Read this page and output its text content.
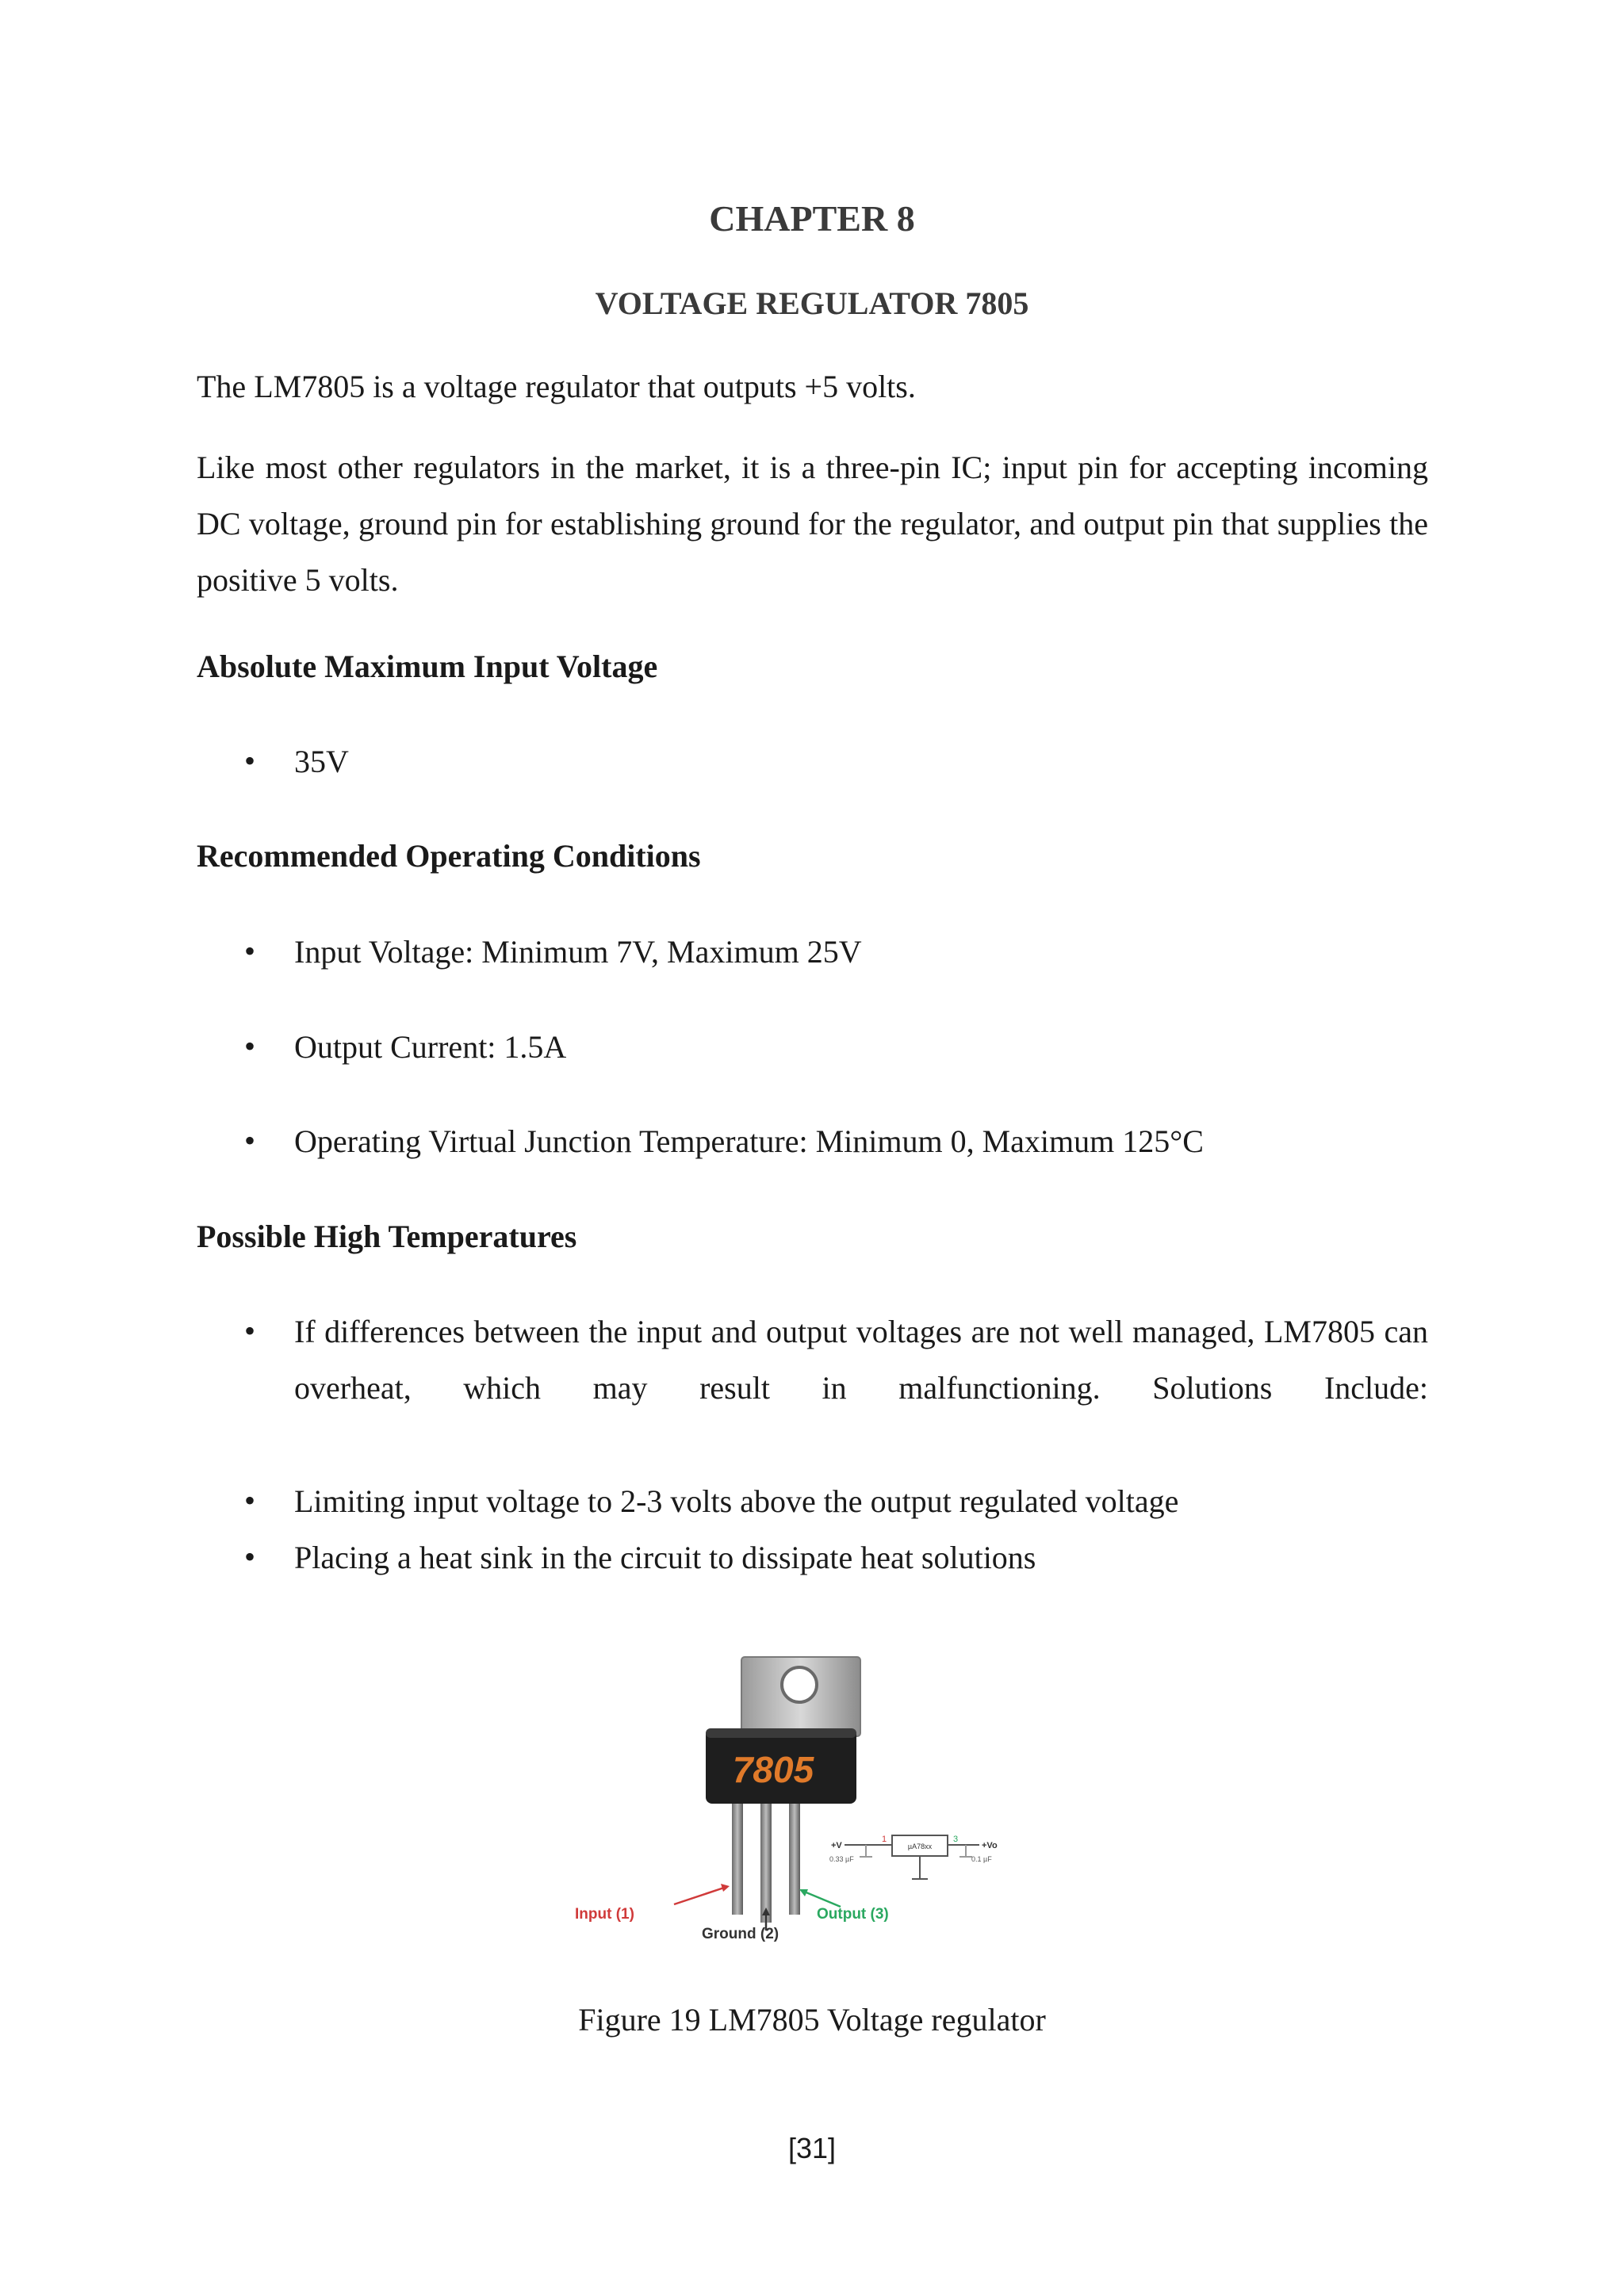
CHAPTER 8
VOLTAGE REGULATOR 7805

The LM7805 is a voltage regulator that outputs +5 volts.

Like most other regulators in the market, it is a three-pin IC; input pin for accepting incoming DC voltage, ground pin for establishing ground for the regulator, and output pin that supplies the positive 5 volts.

Absolute Maximum Input Voltage
• 35V

Recommended Operating Conditions
• Input Voltage: Minimum 7V, Maximum 25V

• Output Current: 1.5A

• Operating Virtual Junction Temperature: Minimum 0, Maximum 125°C

Possible High Temperatures
• If differences between the input and output voltages are not well managed, LM7805 can overheat, which may result in malfunctioning. Solutions Include:

• Limiting input voltage to 2-3 volts above the output regulated voltage

• Placing a heat sink in the circuit to dissipate heat solutions

7805
Input (1)
Ground (2)
Output (3)
+V
0.33 µF
µA78xx
1	3
+Vo
0.1 µF

Figure 19 LM7805 Voltage regulator

[31]
